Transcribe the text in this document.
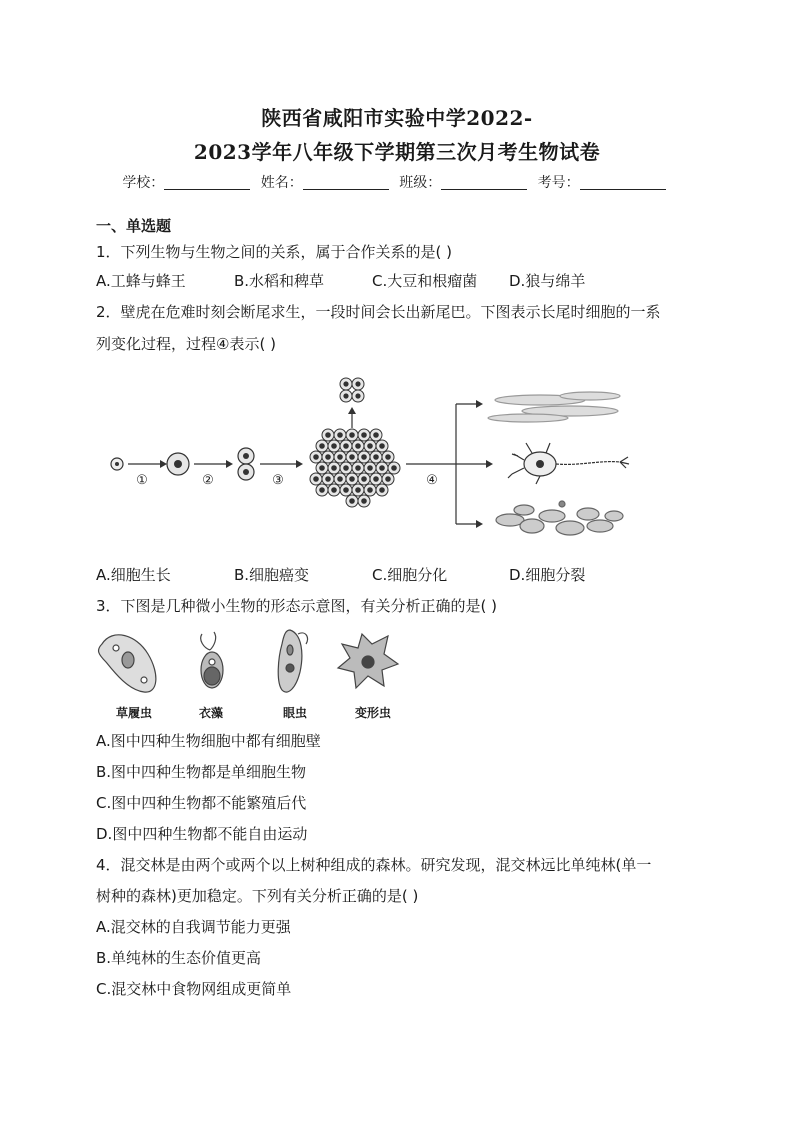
陕西省咸阳市实验中学2022-
2023学年八年级下学期第三次月考生物试卷
学校：	姓名：	班级：	考号：
一、单选题
1．下列生物与生物之间的关系，属于合作关系的是( )
A.工蜂与蜂王	B.水稻和稗草	C.大豆和根瘤菌 D.狼与绵羊
2．壁虎在危难时刻会断尾求生，一段时间会长出新尾巴。下图表示长尾时细胞的一系
列变化过程，过程④表示( )
①	②	③	④
A.细胞生长	B.细胞癌变	C.细胞分化	D.细胞分裂
3．下图是几种微小生物的形态示意图，有关分析正确的是( )
草履虫	衣藻	眼虫	变形虫
A.图中四种生物细胞中都有细胞壁
B.图中四种生物都是单细胞生物
C.图中四种生物都不能繁殖后代
D.图中四种生物都不能自由运动
4．混交林是由两个或两个以上树种组成的森林。研究发现，混交林远比单纯林(单一
树种的森林)更加稳定。下列有关分析正确的是( )
A.混交林的自我调节能力更强
B.单纯林的生态价值更高
C.混交林中食物网组成更简单
